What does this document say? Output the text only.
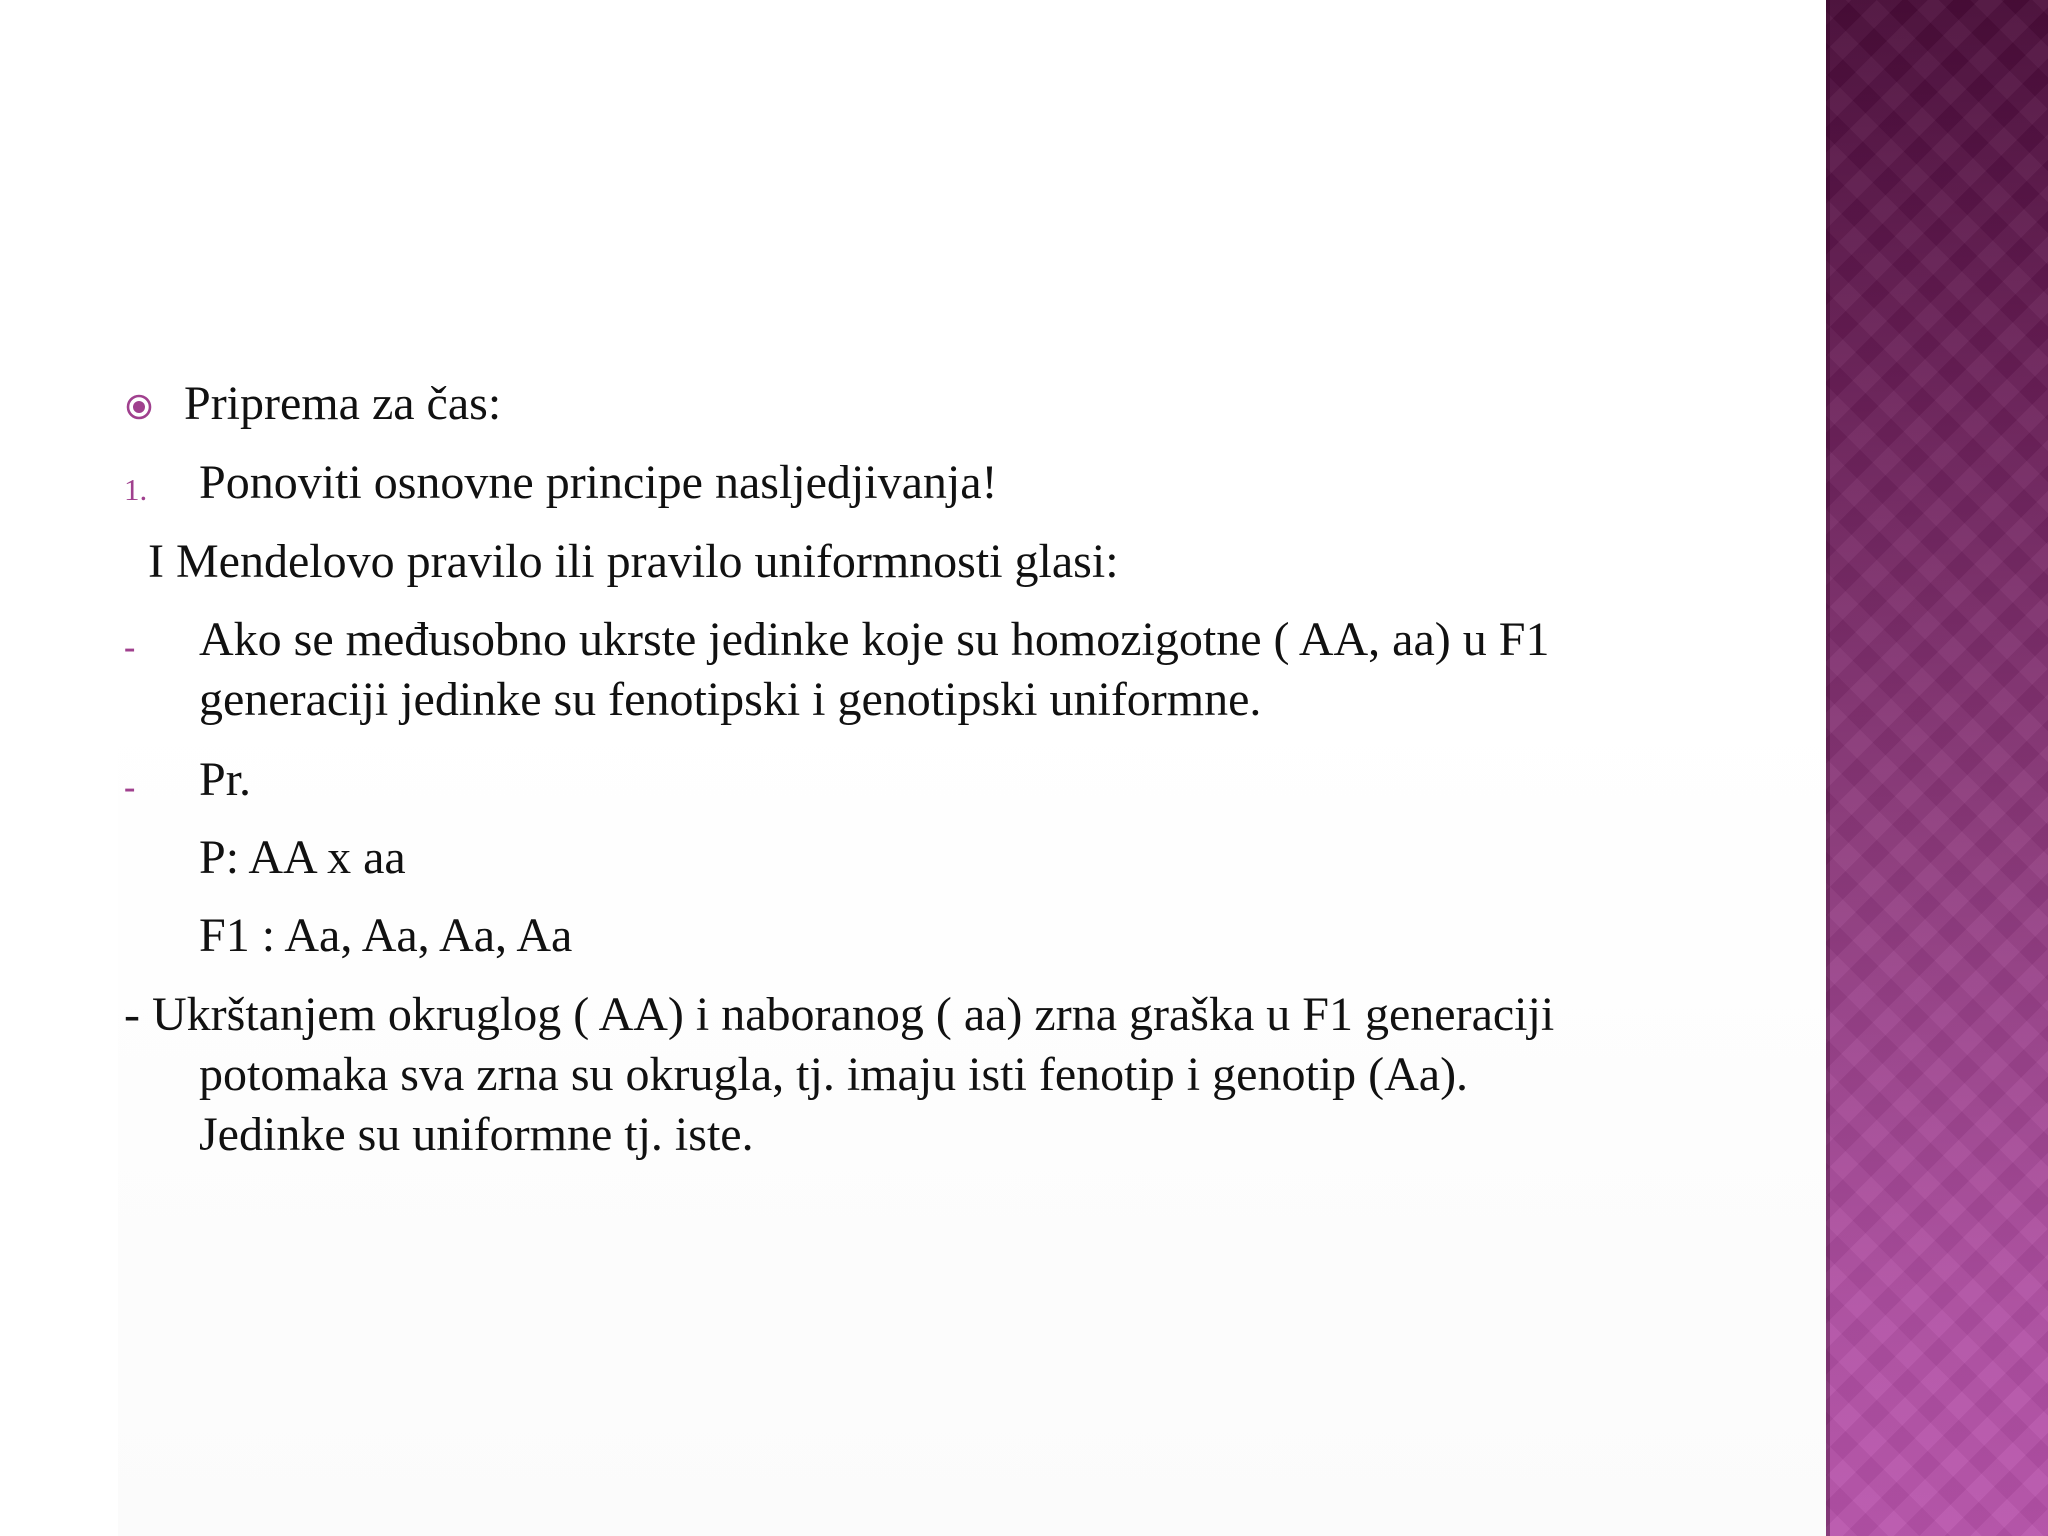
Priprema za čas:
1. Ponoviti osnovne principe nasljedjivanja!
I Mendelovo pravilo ili pravilo uniformnosti glasi:
- Ako se međusobno ukrste jedinke koje su homozigotne ( AA, aa) u F1
generaciji jedinke su fenotipski i genotipski uniformne.
- Pr.
P: AA x aa
F1 : Aa, Aa, Aa, Aa
- Ukrštanjem okruglog ( AA) i naboranog ( aa) zrna graška u F1 generaciji
potomaka sva zrna su okrugla, tj. imaju isti fenotip i genotip (Aa).
Jedinke su uniformne tj. iste.
